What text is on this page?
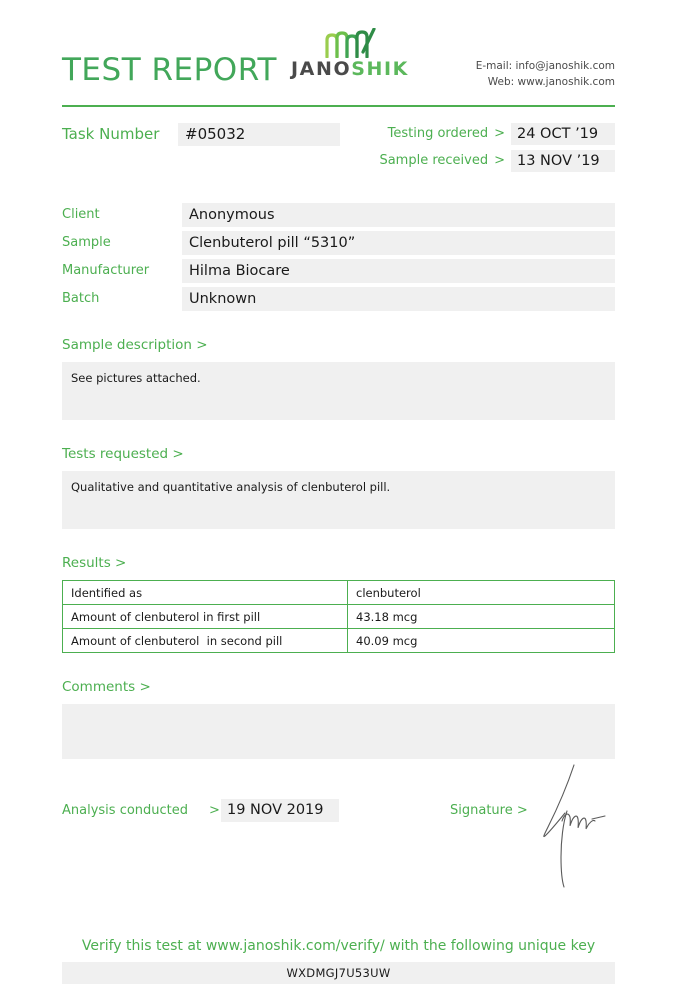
TEST REPORT JANOSHIK	E-mail: info@janoshik.com
Web: www.janoshik.com
Task Number	#05032	Testing ordered > 24 OCT ’19
Sample received > 13 NOV ’19
Client	Anonymous
Sample	Clenbuterol pill “5310”
Manufacturer	Hilma Biocare
Batch	Unknown
Sample description >
See pictures attached.
Tests requested >
Qualitative and quantitative analysis of clenbuterol pill.
Results >
Identified as	clenbuterol
Amount of clenbuterol in first pill	43.18 mcg
Amount of clenbuterol  in second pill	40.09 mcg
Comments >
Analysis conducted > 19 NOV 2019	Signature >
Verify this test at www.janoshik.com/verify/ with the following unique key
WXDMGJ7U53UW
